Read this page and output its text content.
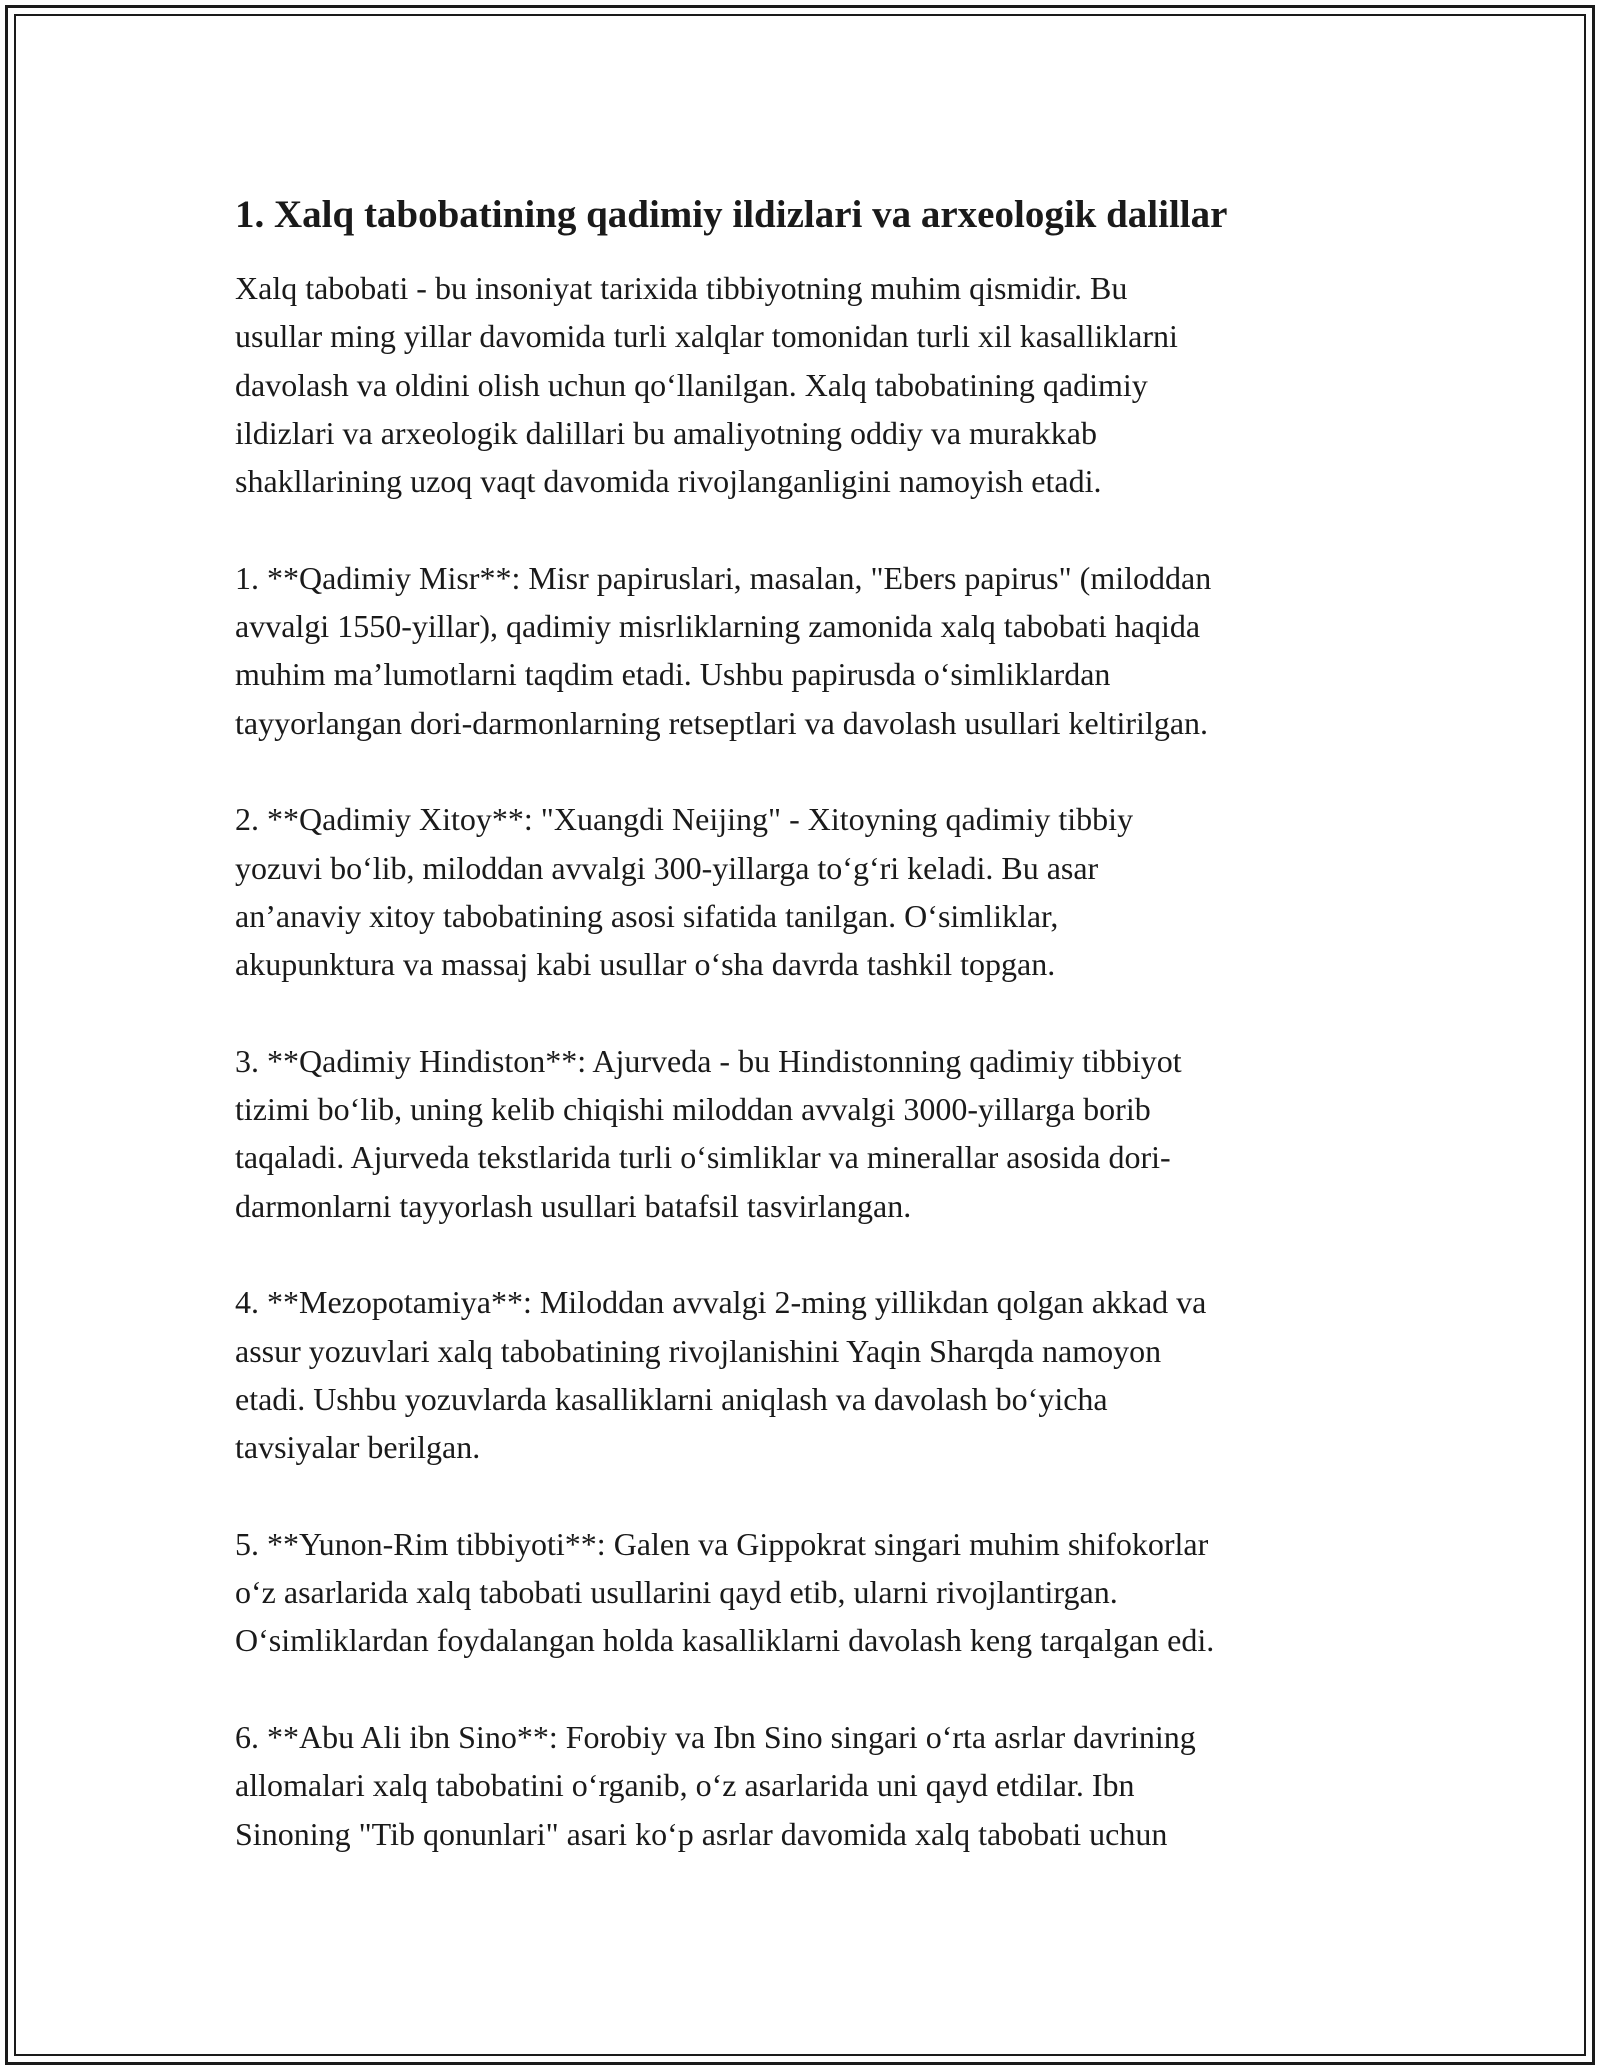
1. Xalq tabobatining qadimiy ildizlari va arxeologik dalillar

Xalq tabobati - bu insoniyat tarixida tibbiyotning muhim qismidir. Bu
usullar ming yillar davomida turli xalqlar tomonidan turli xil kasalliklarni
davolash va oldini olish uchun qo‘llanilgan. Xalq tabobatining qadimiy
ildizlari va arxeologik dalillari bu amaliyotning oddiy va murakkab
shakllarining uzoq vaqt davomida rivojlanganligini namoyish etadi.

1. **Qadimiy Misr**: Misr papiruslari, masalan, "Ebers papirus" (miloddan
avvalgi 1550-yillar), qadimiy misrliklarning zamonida xalq tabobati haqida
muhim ma’lumotlarni taqdim etadi. Ushbu papirusda o‘simliklardan
tayyorlangan dori-darmonlarning retseptlari va davolash usullari keltirilgan.

2. **Qadimiy Xitoy**: "Xuangdi Neijing" - Xitoyning qadimiy tibbiy
yozuvi bo‘lib, miloddan avvalgi 300-yillarga to‘g‘ri keladi. Bu asar
an’anaviy xitoy tabobatining asosi sifatida tanilgan. O‘simliklar,
akupunktura va massaj kabi usullar o‘sha davrda tashkil topgan.

3. **Qadimiy Hindiston**: Ajurveda - bu Hindistonning qadimiy tibbiyot
tizimi bo‘lib, uning kelib chiqishi miloddan avvalgi 3000-yillarga borib
taqaladi. Ajurveda tekstlarida turli o‘simliklar va minerallar asosida dori-
darmonlarni tayyorlash usullari batafsil tasvirlangan.

4. **Mezopotamiya**: Miloddan avvalgi 2-ming yillikdan qolgan akkad va
assur yozuvlari xalq tabobatining rivojlanishini Yaqin Sharqda namoyon
etadi. Ushbu yozuvlarda kasalliklarni aniqlash va davolash bo‘yicha
tavsiyalar berilgan.

5. **Yunon-Rim tibbiyoti**: Galen va Gippokrat singari muhim shifokorlar
o‘z asarlarida xalq tabobati usullarini qayd etib, ularni rivojlantirgan.
O‘simliklardan foydalangan holda kasalliklarni davolash keng tarqalgan edi.

6. **Abu Ali ibn Sino**: Forobiy va Ibn Sino singari o‘rta asrlar davrining
allomalari xalq tabobatini o‘rganib, o‘z asarlarida uni qayd etdilar. Ibn
Sinoning "Tib qonunlari" asari ko‘p asrlar davomida xalq tabobati uchun
